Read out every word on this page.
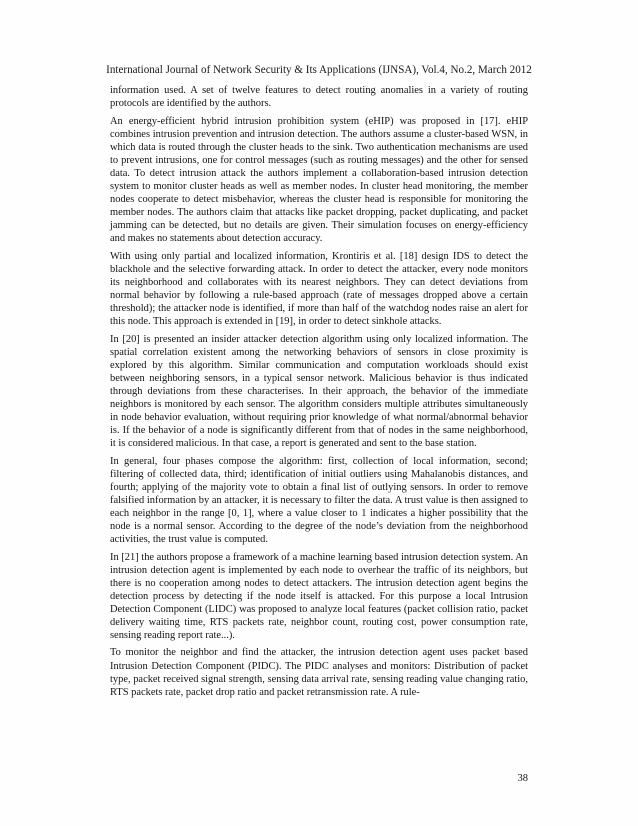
International Journal of Network Security & Its Applications (IJNSA), Vol.4, No.2, March 2012

information used. A set of twelve features to detect routing anomalies in a variety of routing protocols are identified by the authors.

An energy-efficient hybrid intrusion prohibition system (eHIP) was proposed in [17]. eHIP combines intrusion prevention and intrusion detection. The authors assume a cluster-based WSN, in which data is routed through the cluster heads to the sink. Two authentication mechanisms are used to prevent intrusions, one for control messages (such as routing messages) and the other for sensed data. To detect intrusion attack the authors implement a collaboration-based intrusion detection system to monitor cluster heads as well as member nodes. In cluster head monitoring, the member nodes cooperate to detect misbehavior, whereas the cluster head is responsible for monitoring the member nodes. The authors claim that attacks like packet dropping, packet duplicating, and packet jamming can be detected, but no details are given. Their simulation focuses on energy-efficiency and makes no statements about detection accuracy.

With using only partial and localized information, Krontiris et al. [18] design IDS to detect the blackhole and the selective forwarding attack. In order to detect the attacker, every node monitors its neighborhood and collaborates with its nearest neighbors. They can detect deviations from normal behavior by following a rule-based approach (rate of messages dropped above a certain threshold); the attacker node is identified, if more than half of the watchdog nodes raise an alert for this node. This approach is extended in [19], in order to detect sinkhole attacks.

In [20] is presented an insider attacker detection algorithm using only localized information. The spatial correlation existent among the networking behaviors of sensors in close proximity is explored by this algorithm. Similar communication and computation workloads should exist between neighboring sensors, in a typical sensor network. Malicious behavior is thus indicated through deviations from these characterises. In their approach, the behavior of the immediate neighbors is monitored by each sensor. The algorithm considers multiple attributes simultaneously in node behavior evaluation, without requiring prior knowledge of what normal/abnormal behavior is. If the behavior of a node is significantly different from that of nodes in the same neighborhood, it is considered malicious. In that case, a report is generated and sent to the base station.

In general, four phases compose the algorithm: first, collection of local information, second; filtering of collected data, third; identification of initial outliers using Mahalanobis distances, and fourth; applying of the majority vote to obtain a final list of outlying sensors. In order to remove falsified information by an attacker, it is necessary to filter the data. A trust value is then assigned to each neighbor in the range [0, 1], where a value closer to 1 indicates a higher possibility that the node is a normal sensor. According to the degree of the node’s deviation from the neighborhood activities, the trust value is computed.

In [21] the authors propose a framework of a machine learning based intrusion detection system. An intrusion detection agent is implemented by each node to overhear the traffic of its neighbors, but there is no cooperation among nodes to detect attackers. The intrusion detection agent begins the detection process by detecting if the node itself is attacked. For this purpose a local Intrusion Detection Component (LIDC) was proposed to analyze local features (packet collision ratio, packet delivery waiting time, RTS packets rate, neighbor count, routing cost, power consumption rate, sensing reading report rate...).

To monitor the neighbor and find the attacker, the intrusion detection agent uses packet based Intrusion Detection Component (PIDC). The PIDC analyses and monitors: Distribution of packet type, packet received signal strength, sensing data arrival rate, sensing reading value changing ratio, RTS packets rate, packet drop ratio and packet retransmission rate. A rule-

38
